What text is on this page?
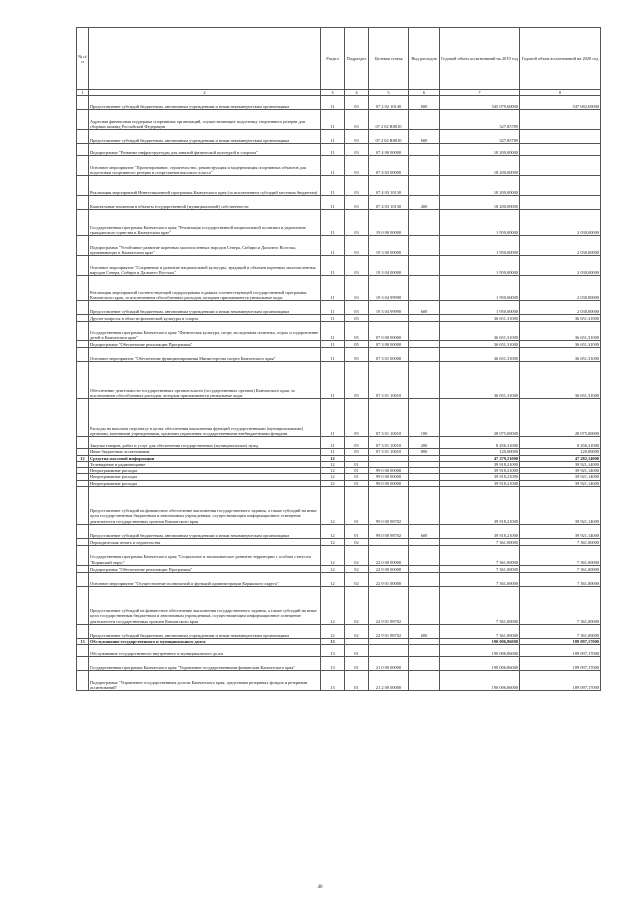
№ п/п		Раздел	Подраздел	Целевая статья	Вид расходов	Годовой объем ассигнований на 2019 год	Годовой объем ассигнований на 2020 год
1	2	3	4	5	6	7	8
	Предоставление субсидий бюджетным, автономным учреждениям и иным некоммерческим организациям	11	03	07 2 02 10140	600	545 079,60000	547 082,69000
	Адресная финансовая поддержка спортивных организаций, осуществляющих подготовку спортивного резерва для сборных команд Российской Федерации	11	03	07 2 02 R0810		327,85789	
	Предоставление субсидий бюджетным, автономным учреждениям и иным некоммерческим организациям	11	03	07 2 02 R0810	600	327,85789	
	Подпрограмма "Развитие инфраструктуры для занятий физической культурой и спортом"	11	03	07 4 00 00000		18 200,00000	
	Основное мероприятие "Проектирование, строительство, реконструкция и модернизация спортивных объектов для подготовки спортивного резерва и спортсменов высокого класса"	11	03	07 4 03 00000		18 200,00000	
	Реализация мероприятий Инвестиционной программы Камчатского края (за исключением субсидий местным бюджетам)	11	03	07 4 03 10130		18 200,00000	
	Капитальные вложения в объекты государственной (муниципальной) собственности	11	03	07 4 03 10130	400	18 200,00000	
	Государственная программа Камчатского края "Реализация государственной национальной политики и укрепление гражданского единства в Камчатском крае"	11	03	19 0 00 00000		1 950,00000	2 030,00000
	Подпрограмма "Устойчивое развитие коренных малочисленных народов Севера, Сибири и Дальнего Востока, проживающих в Камчатском крае"	11	03	19 3 00 00000		1 950,00000	2 030,00000
	Основное мероприятие "Сохранение и развитие национальной культуры, традиций и обычаев коренных малочисленных народов Севера, Сибири и Дальнего Востока"	11	03	19 3 04 00000		1 950,00000	2 030,00000
	Реализация мероприятий соответствующей подпрограммы в рамках соответствующей государственной программы Камчатского края, за исключением обособленных расходов, которым присваиваются уникальные коды	11	03	19 3 04 99990		1 950,00000	2 030,00000
	Предоставление субсидий бюджетным, автономным учреждениям и иным некоммерческим организациям	11	03	19 3 04 99990	600	1 950,00000	2 030,00000
	Другие вопросы в области физической культуры и спорта	11	05			36 651,31000	36 651,31000
	Государственная программа Камчатского края "Физическая культура, спорт, молодежная политика, отдых и оздоровление детей в Камчатском крае"	11	05	07 0 00 00000		36 651,31000	36 651,31000
	Подпрограмма "Обеспечение реализации Программы"	11	05	07 3 00 00000		36 651,31000	36 651,31000
	Основное мероприятие "Обеспечение функционирования Министерства спорта Камчатского края"	11	05	07 3 01 00000		36 651,31000	36 651,31000
	Обеспечение деятельности государственных органов власти (государственных органов) Камчатского края, за исключением обособленных расходов, которым присваиваются уникальные коды	11	05	07 3 01 10010		36 651,31000	36 651,31000
	Расходы на выплаты персоналу в целях обеспечения выполнения функций государственными (муниципальными) органами, казенными учреждениями, органами управления государственными внебюджетными фондами	11	05	07 3 01 10010	100	28 075,00000	28 075,00000
	Закупка товаров, работ и услуг для обеспечения государственных (муниципальных) нужд	11	05	07 3 01 10010	200	8 456,31000	8 456,31000
	Иные бюджетные ассигнования	11	05	07 3 01 10010	800	120,00000	120,00000
12	Средства массовой информации	12				47 279,21000	47 282,14000
	Телевидение и радиовещание	12	01			39 918,21000	39 921,14000
	Непрограммные расходы	12	01	99 0 00 00000		39 918,21000	39 921,14000
	Непрограммные расходы	12	01	99 0 00 00000		39 918,21000	39 921,14000
	Непрограммные расходы	12	01	99 0 00 00000		39 918,21000	39 921,14000
	Предоставление субсидий на финансовое обеспечение выполнения государственного задания, а также субсидий на иные цели государственным бюджетным и автономным учреждениям, осуществляющим информационное освещение деятельности государственных органов Камчатского края	12	01	99 0 00 98702		39 918,21000	39 921,14000
	Предоставление субсидий бюджетным, автономным учреждениям и иным некоммерческим организациям	12	01	99 0 00 98702	600	39 918,21000	39 921,14000
	Периодическая печать и издательства	12	02			7 361,00000	7 361,00000
	Государственная программа Камчатского края "Социальное и экономическое развитие территории с особым статусом "Корякский округ"	12	02	22 0 00 00000		7 361,00000	7 361,00000
	Подпрограмма "Обеспечение реализации Программы"	12	02	22 9 00 00000		7 361,00000	7 361,00000
	Основное мероприятие "Осуществление полномочий и функций администрации Корякского округа"	12	02	22 9 01 00000		7 361,00000	7 361,00000
	Предоставление субсидий на финансовое обеспечение выполнения государственного задания, а также субсидий на иные цели государственным бюджетным и автономным учреждениям, осуществляющим информационное освещение деятельности государственных органов Камчатского края	12	02	22 9 01 98702		7 361,00000	7 361,00000
	Предоставление субсидий бюджетным, автономным учреждениям и иным некоммерческим организациям	12	02	22 9 01 98702	600	7 361,00000	7 361,00000
13	Обслуживание государственного и муниципального долга	13				190 006,86000	189 097,17000
	Обслуживание государственного внутреннего и муниципального долга	13	01			190 006,86000	189 097,17000
	Государственная программа Камчатского края "Управление государственными финансами Камчатского края"	13	01	21 0 00 00000		190 006,86000	189 097,17000
	Подпрограмма "Управление государственным долгом Камчатского края, средствами резервных фондов и резервами ассигнований"	13	01	21 2 00 00000		190 006,86000	189 097,17000
40
